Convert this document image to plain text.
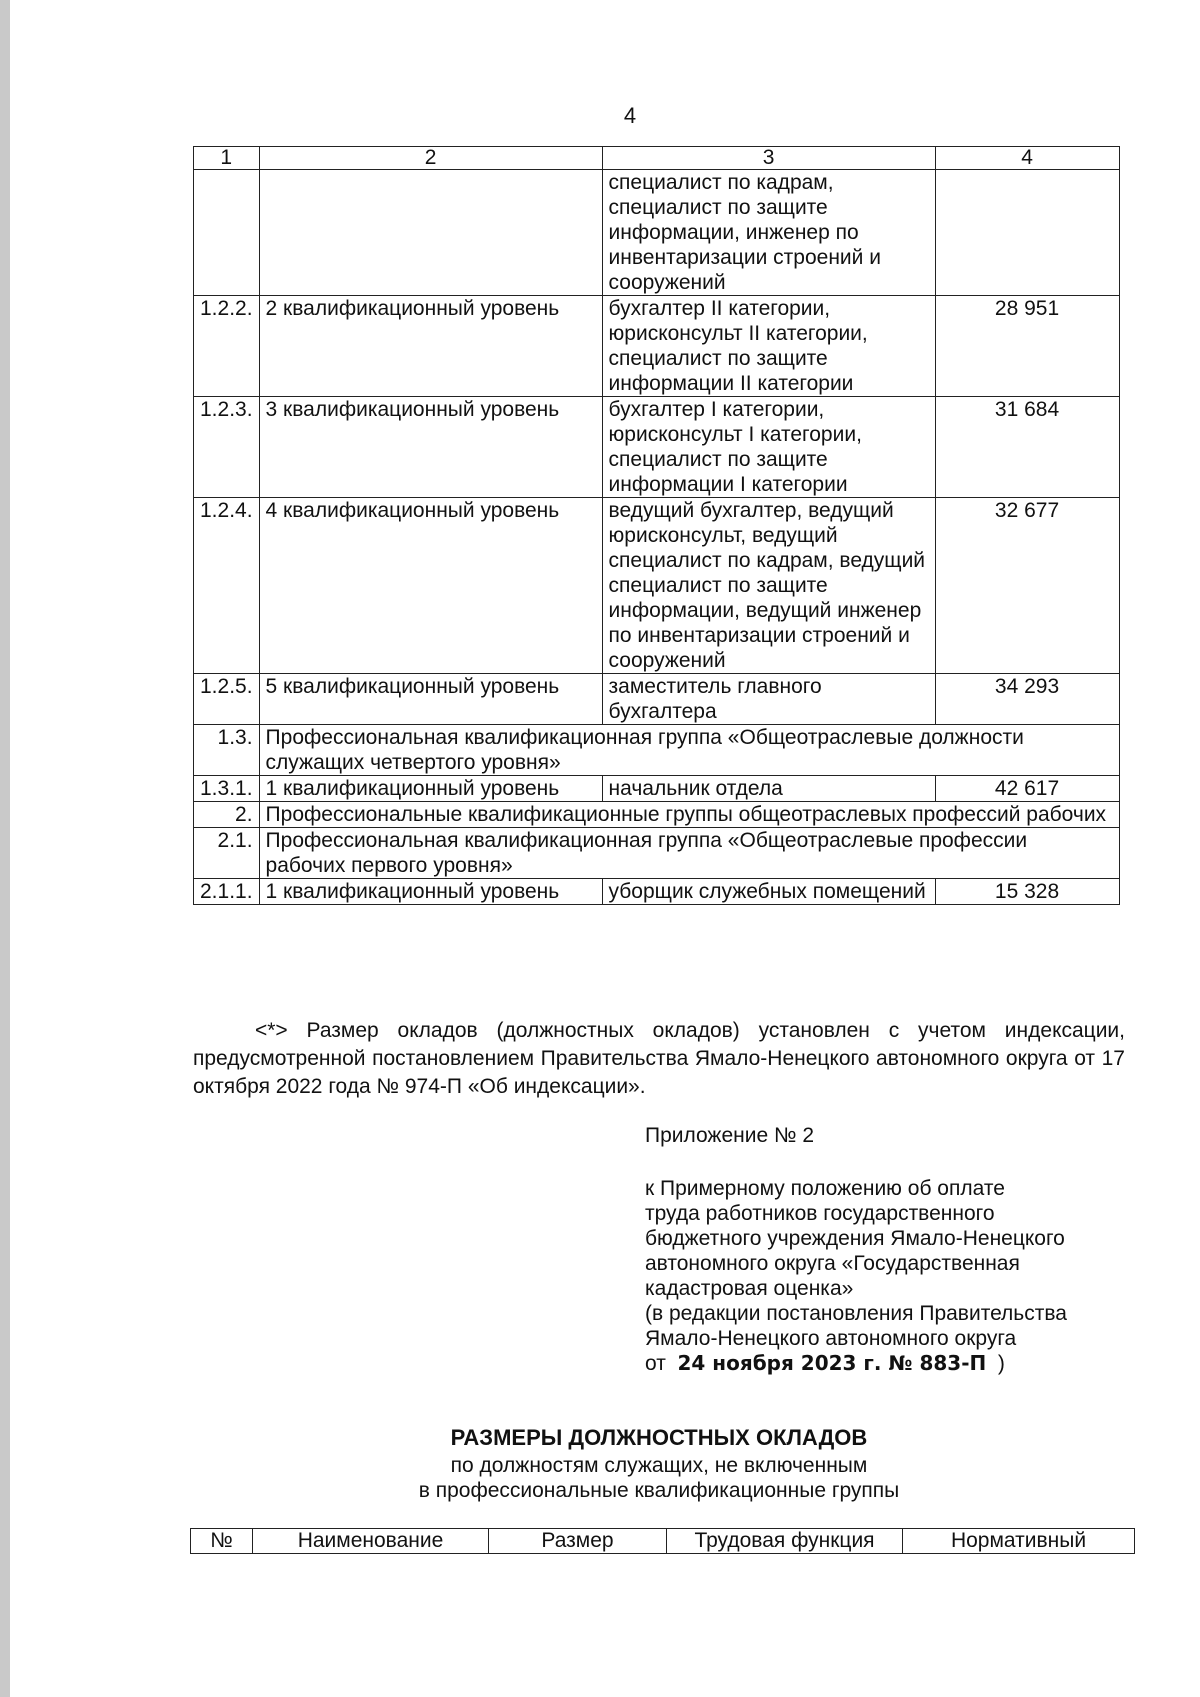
4
1	2	3	4
		специалист по кадрам, специалист по защите информации, инженер по инвентаризации строений и сооружений	
1.2.2.	2 квалификационный уровень	бухгалтер II категории, юрисконсульт II категории, специалист по защите информации II категории	28 951
1.2.3.	3 квалификационный уровень	бухгалтер I категории, юрисконсульт I категории, специалист по защите информации I категории	31 684
1.2.4.	4 квалификационный уровень	ведущий бухгалтер, ведущий юрисконсульт, ведущий специалист по кадрам, ведущий специалист по защите информации, ведущий инженер по инвентаризации строений и сооружений	32 677
1.2.5.	5 квалификационный уровень	заместитель главного бухгалтера	34 293
1.3.	Профессиональная квалификационная группа «Общеотраслевые должности служащих четвертого уровня»		
1.3.1.	1 квалификационный уровень	начальник отдела	42 617
2.	Профессиональные квалификационные группы общеотраслевых профессий рабочих		
2.1.	Профессиональная квалификационная группа «Общеотраслевые профессии рабочих первого уровня»		
2.1.1.	1 квалификационный уровень	уборщик служебных помещений	15 328

<*> Размер окладов (должностных окладов) установлен с учетом индексации, предусмотренной постановлением Правительства Ямало-Ненецкого автономного округа от 17 октября 2022 года № 974-П «Об индексации».

Приложение № 2
к Примерному положению об оплате
труда работников государственного
бюджетного учреждения Ямало-Ненецкого
автономного округа «Государственная
кадастровая оценка»
(в редакции постановления Правительства
Ямало-Ненецкого автономного округа
от 24 ноября 2023 г. № 883-П )
РАЗМЕРЫ ДОЛЖНОСТНЫХ ОКЛАДОВ
по должностям служащих, не включенным
в профессиональные квалификационные группы
№	Наименование	Размер	Трудовая функция	Нормативный
